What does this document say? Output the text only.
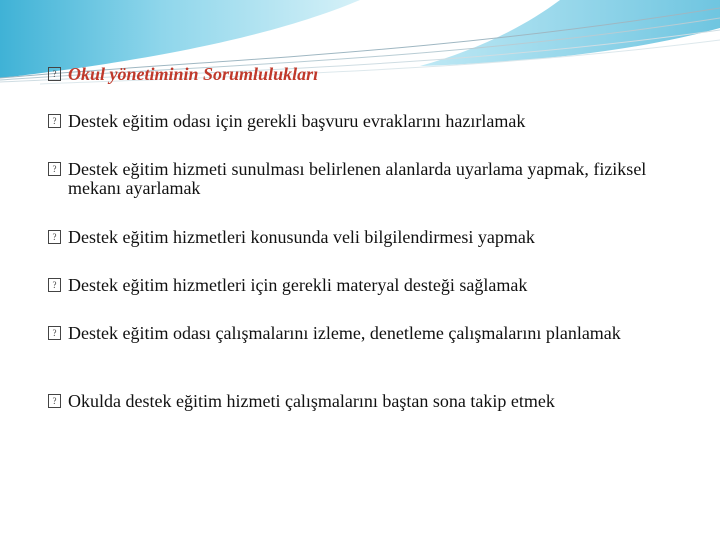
? Okul yönetiminin Sorumlulukları
? Destek eğitim odası için gerekli başvuru evraklarını hazırlamak
? Destek eğitim hizmeti sunulması belirlenen alanlarda uyarlama yapmak, fiziksel mekanı ayarlamak
? Destek eğitim hizmetleri konusunda veli bilgilendirmesi yapmak
? Destek eğitim hizmetleri için gerekli materyal desteği sağlamak
? Destek eğitim odası çalışmalarını izleme, denetleme çalışmalarını planlamak
? Okulda destek eğitim hizmeti çalışmalarını baştan sona takip etmek
